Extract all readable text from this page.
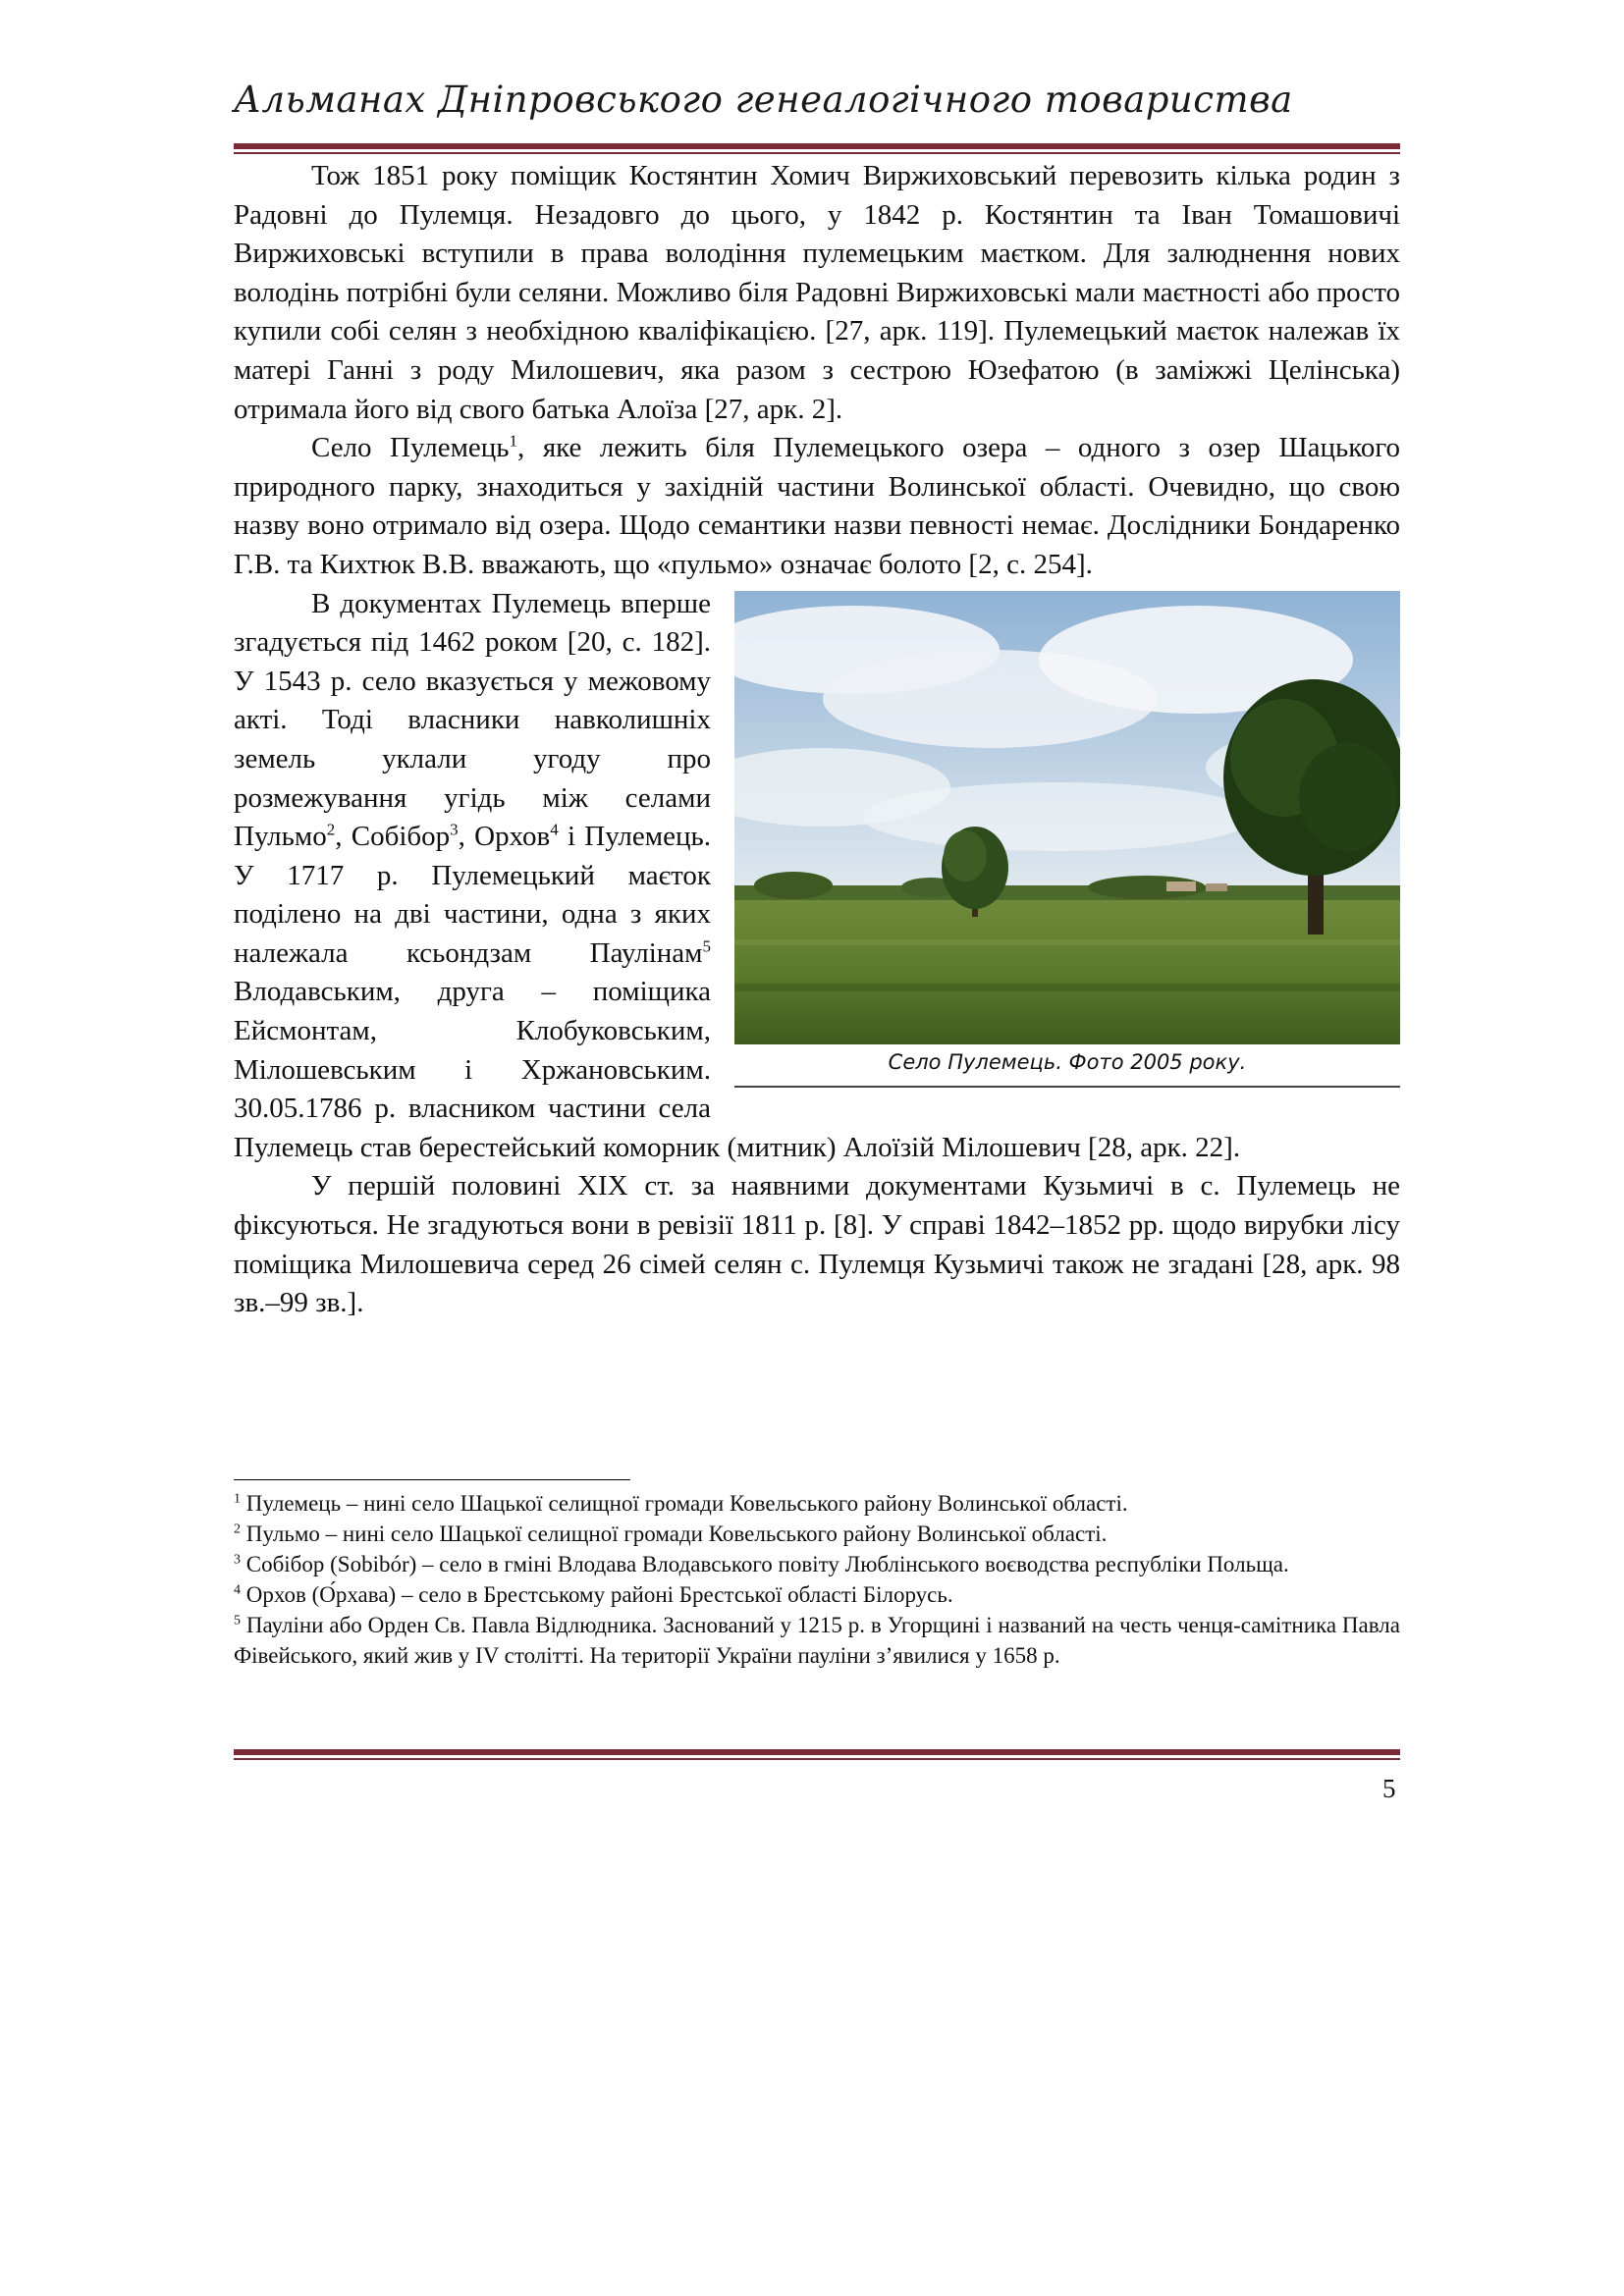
Альманах Дніпровського генеалогічного товариства

Тож 1851 року поміщик Костянтин Хомич Виржиховський перевозить кілька родин з Радовні до Пулемця. Незадовго до цього, у 1842 р. Костянтин та Іван Томашовичі Виржиховські вступили в права володіння пулемецьким маєтком. Для залюднення нових володінь потрібні були селяни. Можливо біля Радовні Виржиховські мали маєтності або просто купили собі селян з необхідною кваліфікацією. [27, арк. 119]. Пулемецький маєток належав їх матері Ганні з роду Милошевич, яка разом з сестрою Юзефатою (в заміжжі Целінська) отримала його від свого батька Алоїза [27, арк. 2].

Село Пулемець$^1$, яке лежить біля Пулемецького озера – одного з озер Шацького природного парку, знаходиться у західній частини Волинської області. Очевидно, що свою назву воно отримало від озера. Щодо семантики назви певності немає. Дослідники Бондаренко Г.В. та Кихтюк В.В. вважають, що «пульмо» означає болото [2, с. 254].

Село Пулемець. Фото 2005 року.

В документах Пулемець вперше згадується під 1462 роком [20, с. 182]. У 1543 р. село вказується у межовому акті. Тоді власники навколишніх земель уклали угоду про розмежування угідь між селами Пульмо$^2$, Собібор$^3$, Орхов$^4$ і Пулемець. У 1717 р. Пулемецький маєток поділено на дві частини, одна з яких належала ксьондзам Паулінам$^5$ Влодавським, друга – поміщика Ейсмонтам, Клобуковським, Мілошевським і Хржановським. 30.05.1786 р. власником частини села Пулемець став берестейський коморник (митник) Алоїзій Мілошевич [28, арк. 22].

У першій половині XIX ст. за наявними документами Кузьмичі в с. Пулемець не фіксуються. Не згадуються вони в ревізії 1811 р. [8]. У справі 1842–1852 рр. щодо вирубки лісу поміщика Милошевича серед 26 сімей селян с. Пулемця Кузьмичі також не згадані [28, арк. 98 зв.–99 зв.].

$^1$ Пулемець – нині село Шацької селищної громади Ковельського району Волинської області.

$^2$ Пульмо – нині село Шацької селищної громади Ковельського району Волинської області.

$^3$ Собібор (Sobibór) – село в гміні Влодава Влодавського повіту Люблінського воєводства республіки Польща.

$^4$ Орхов (О́рхава) – село в Брестському районі Брестської області Білорусь.

$^5$ Пауліни або Орден Св. Павла Відлюдника. Заснований у 1215 р. в Угорщині і названий на честь ченця-самітника Павла Фівейського, який жив у IV столітті. На території України пауліни з’явилися у 1658 р.

5
